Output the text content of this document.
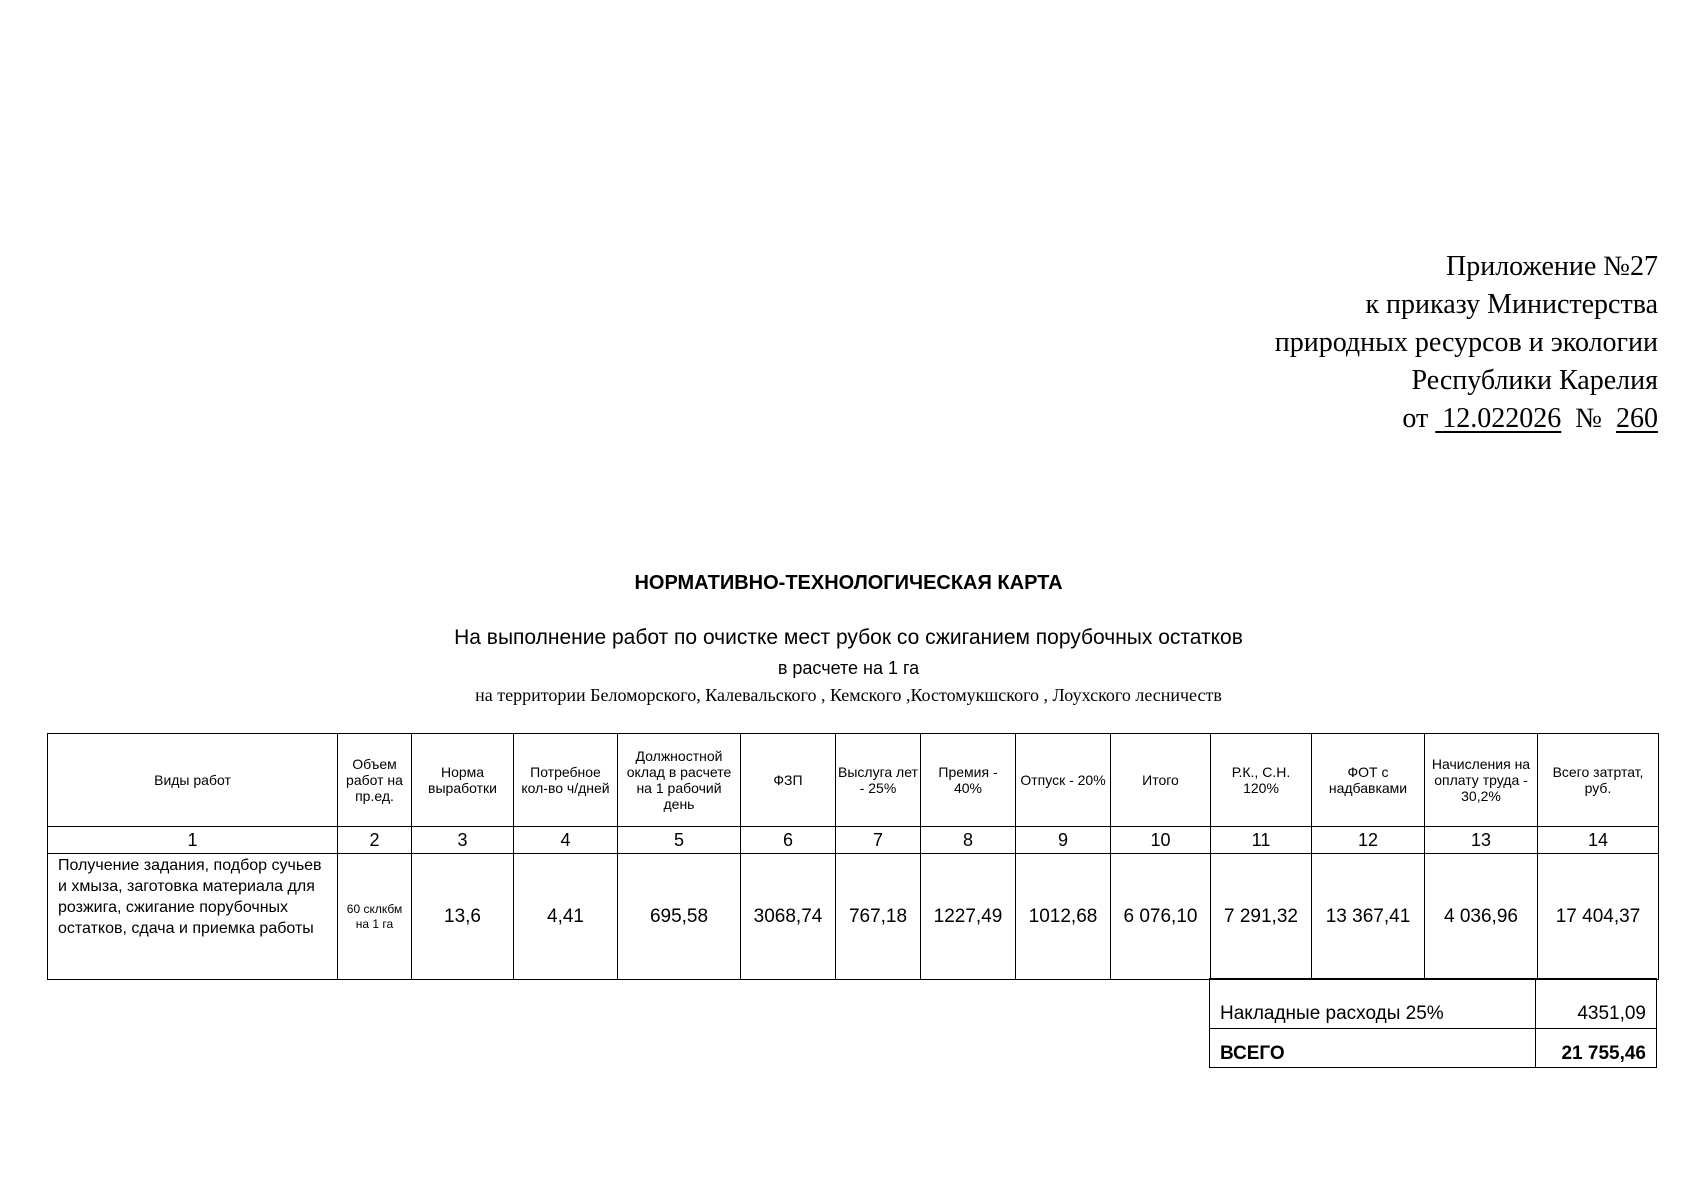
Приложение №27
к приказу Министерства
природных ресурсов и экологии
Республики Карелия
от 12.022026 № 260
НОРМАТИВНО-ТЕХНОЛОГИЧЕСКАЯ КАРТА
На выполнение работ по очистке мест рубок со сжиганием порубочных остатков
в расчете на 1 га
на территории Беломорского, Калевальского , Кемского ,Костомукшского , Лоухского лесничеств
Виды работ	Объем работ на пр.ед.	Норма выработки	Потребное кол-во ч/дней	Должностной оклад в расчете на 1 рабочий день	ФЗП	Выслуга лет - 25%	Премия - 40%	Отпуск - 20%	Итого	Р.К., С.Н. 120%	ФОТ с надбавками	Начисления на оплату труда - 30,2%	Всего затртат, руб.
1	2	3	4	5	6	7	8	9	10	11	12	13	14
Получение задания, подбор сучьев и хмыза, заготовка материала для розжига, сжигание порубочных остатков, сдача и приемка работы	60 склкбм на 1 га	13,6	4,41	695,58	3068,74	767,18	1227,49	1012,68	6 076,10	7 291,32	13 367,41	4 036,96	17 404,37
Накладные расходы 25%	4351,09
ВСЕГО	21 755,46
